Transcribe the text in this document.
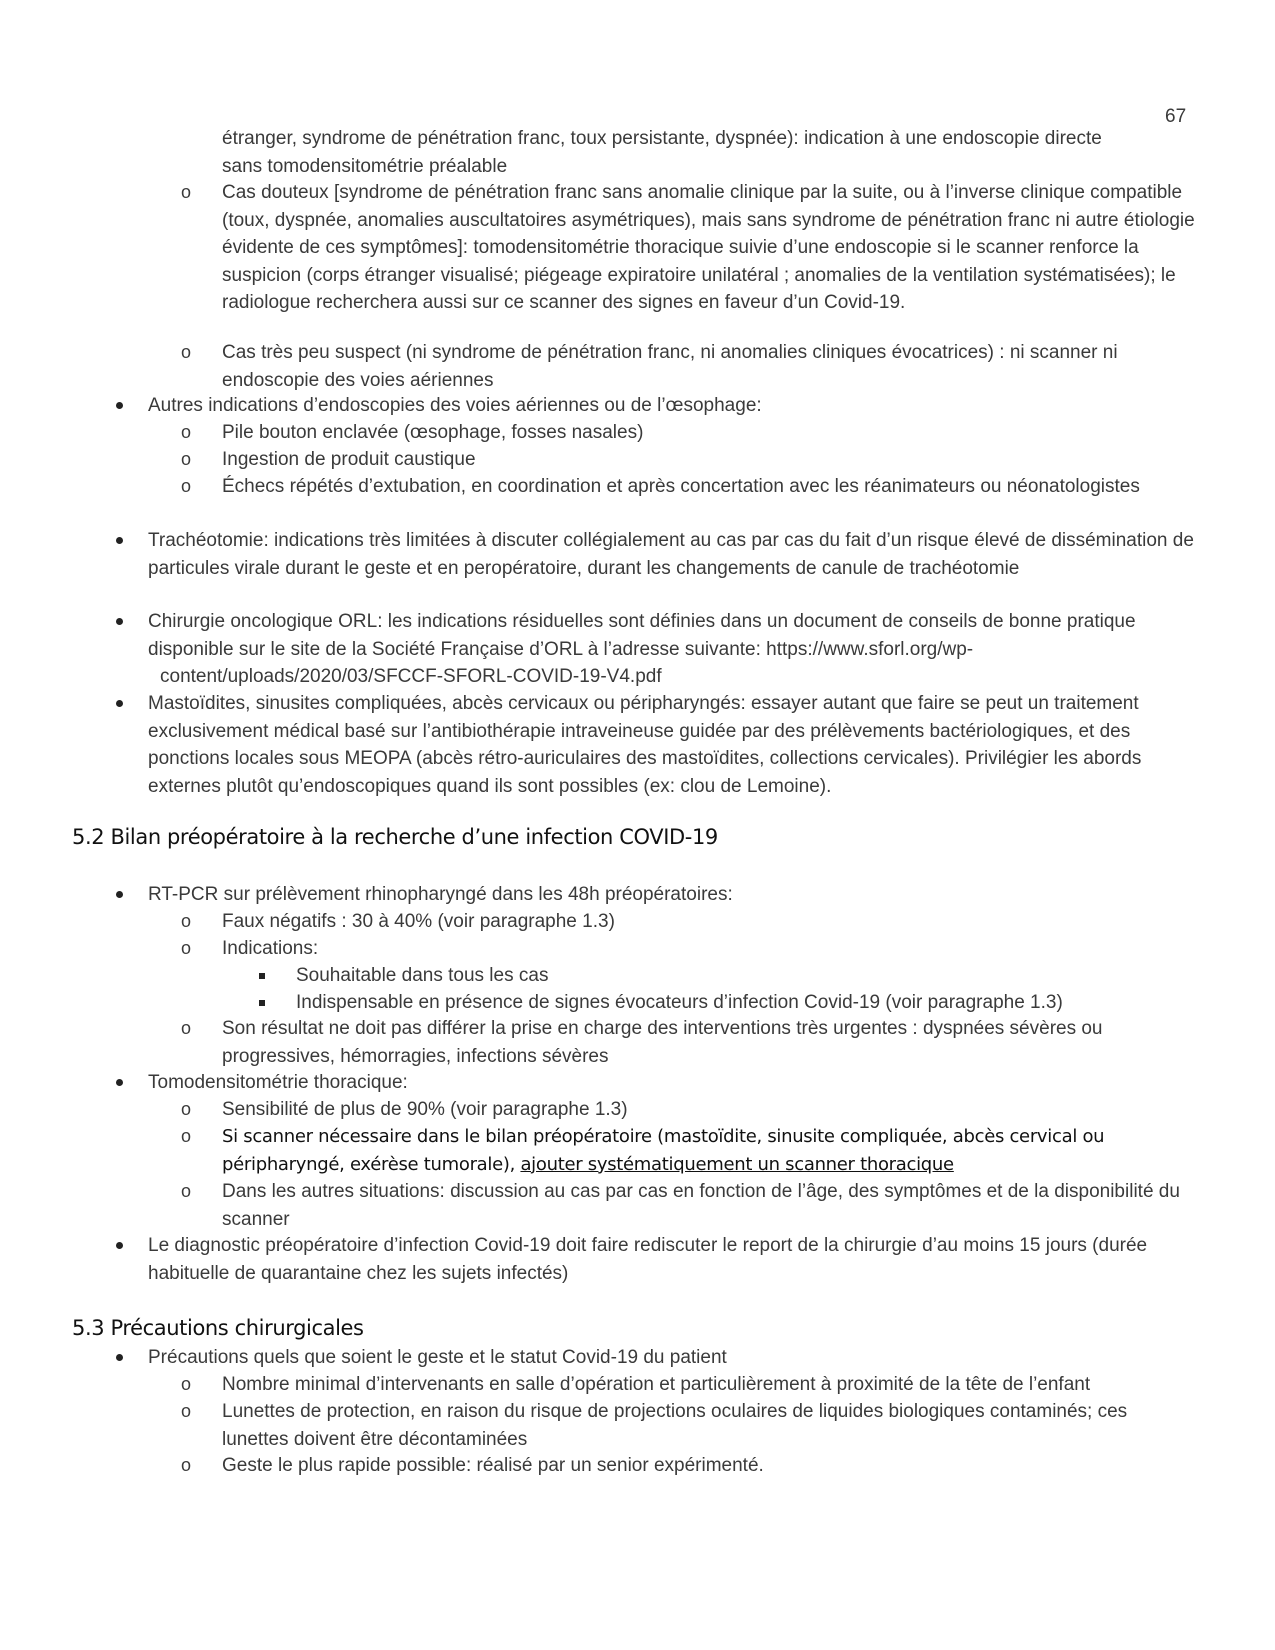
67

étranger, syndrome de pénétration franc, toux persistante, dyspnée): indication à une endoscopie directe

sans tomodensitométrie préalable

o Cas douteux [syndrome de pénétration franc sans anomalie clinique par la suite, ou à l’inverse clinique compatible (toux, dyspnée, anomalies auscultatoires asymétriques), mais sans syndrome de pénétration franc ni autre étiologie évidente de ces symptômes]: tomodensitométrie thoracique suivie d’une endoscopie si le scanner renforce la suspicion (corps étranger visualisé; piégeage expiratoire unilatéral ; anomalies de la ventilation systématisées); le radiologue recherchera aussi sur ce scanner des signes en faveur d’un Covid-19.
o Cas très peu suspect (ni syndrome de pénétration franc, ni anomalies cliniques évocatrices) : ni scanner ni endoscopie des voies aériennes
Autres indications d’endoscopies des voies aériennes ou de l’œsophage:
o Pile bouton enclavée (œsophage, fosses nasales)
o Ingestion de produit caustique
o Échecs répétés d’extubation, en coordination et après concertation avec les réanimateurs ou néonatologistes
Trachéotomie: indications très limitées à discuter collégialement au cas par cas du fait d’un risque élevé de dissémination de particules virale durant le geste et en peropératoire, durant les changements de canule de trachéotomie

Chirurgie oncologique ORL: les indications résiduelles sont définies dans un document de conseils de bonne pratique disponible sur le site de la Société Française d’ORL à l’adresse suivante: https://www.sforl.org/wp-

content/uploads/2020/03/SFCCF-SFORL-COVID-19-V4.pdf

Mastoïdites, sinusites compliquées, abcès cervicaux ou péripharyngés: essayer autant que faire se peut un traitement exclusivement médical basé sur l’antibiothérapie intraveineuse guidée par des prélèvements bactériologiques, et des ponctions locales sous MEOPA (abcès rétro-auriculaires des mastoïdites, collections cervicales). Privilégier les abords externes plutôt qu’endoscopiques quand ils sont possibles (ex: clou de Lemoine).
5.2 Bilan préopératoire à la recherche d’une infection COVID-19
RT-PCR sur prélèvement rhinopharyngé dans les 48h préopératoires:
o Faux négatifs : 30 à 40% (voir paragraphe 1.3)
o Indications:
Souhaitable dans tous les cas
Indispensable en présence de signes évocateurs d’infection Covid-19 (voir paragraphe 1.3)
o Son résultat ne doit pas différer la prise en charge des interventions très urgentes : dyspnées sévères ou progressives, hémorragies, infections sévères
Tomodensitométrie thoracique:
o Sensibilité de plus de 90% (voir paragraphe 1.3)
o Si scanner nécessaire dans le bilan préopératoire (mastoïdite, sinusite compliquée, abcès cervical ou péripharyngé, exérèse tumorale), ajouter systématiquement un scanner thoracique
o Dans les autres situations: discussion au cas par cas en fonction de l’âge, des symptômes et de la disponibilité du scanner
Le diagnostic préopératoire d’infection Covid-19 doit faire rediscuter le report de la chirurgie d’au moins 15 jours (durée habituelle de quarantaine chez les sujets infectés)
5.3 Précautions chirurgicales
Précautions quels que soient le geste et le statut Covid-19 du patient
o Nombre minimal d’intervenants en salle d’opération et particulièrement à proximité de la tête de l’enfant
o Lunettes de protection, en raison du risque de projections oculaires de liquides biologiques contaminés; ces lunettes doivent être décontaminées
o Geste le plus rapide possible: réalisé par un senior expérimenté.
